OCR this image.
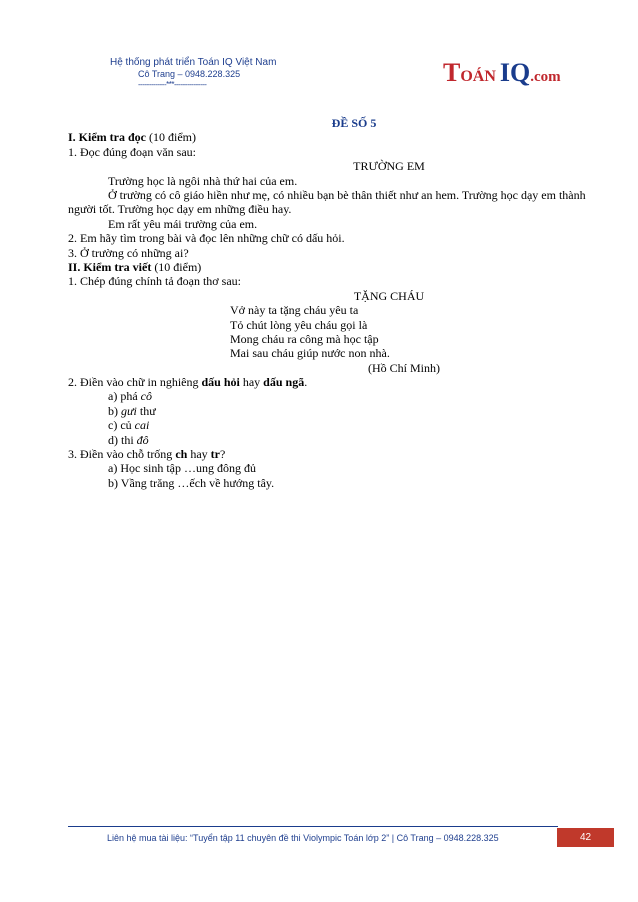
Hệ thống phát triển Toán IQ Việt Nam
Cô Trang – 0948.228.325
-------------***---------------	T OÁN IQ .com
ĐỀ SỐ 5
I. Kiểm tra đọc (10 điểm)
1. Đọc đúng đoạn văn sau:
TRƯỜNG EM
Trường học là ngôi nhà thứ hai của em.
Ở trường có cô giáo hiền như mẹ, có nhiều bạn bè thân thiết như an hem. Trường học dạy em thành người tốt. Trường học dạy em những điều hay.
Em rất yêu mái trường của em.
2. Em hãy tìm trong bài và đọc lên những chữ có dấu hỏi.
3. Ở trường có những ai?
II. Kiểm tra viết (10 điểm)
1. Chép đúng chính tả đoạn thơ sau:
TẶNG CHÁU
Vở này ta tặng cháu yêu ta
Tỏ chút lòng yêu cháu gọi là
Mong cháu ra công mà học tập
Mai sau cháu giúp nước non nhà.
(Hồ Chí Minh)
2. Điền vào chữ in nghiêng dấu hỏi hay dấu ngã.
a) phá cô
b) gưi thư
c) củ cai
d) thi đô
3. Điền vào chỗ trống ch hay tr?
a) Học sinh tập …ung đông đủ
b) Vầng trăng …ếch về hướng tây.
Liên hệ mua tài liệu: “Tuyển tập 11 chuyên đề thi Violympic Toán lớp 2” | Cô Trang – 0948.228.325	42
